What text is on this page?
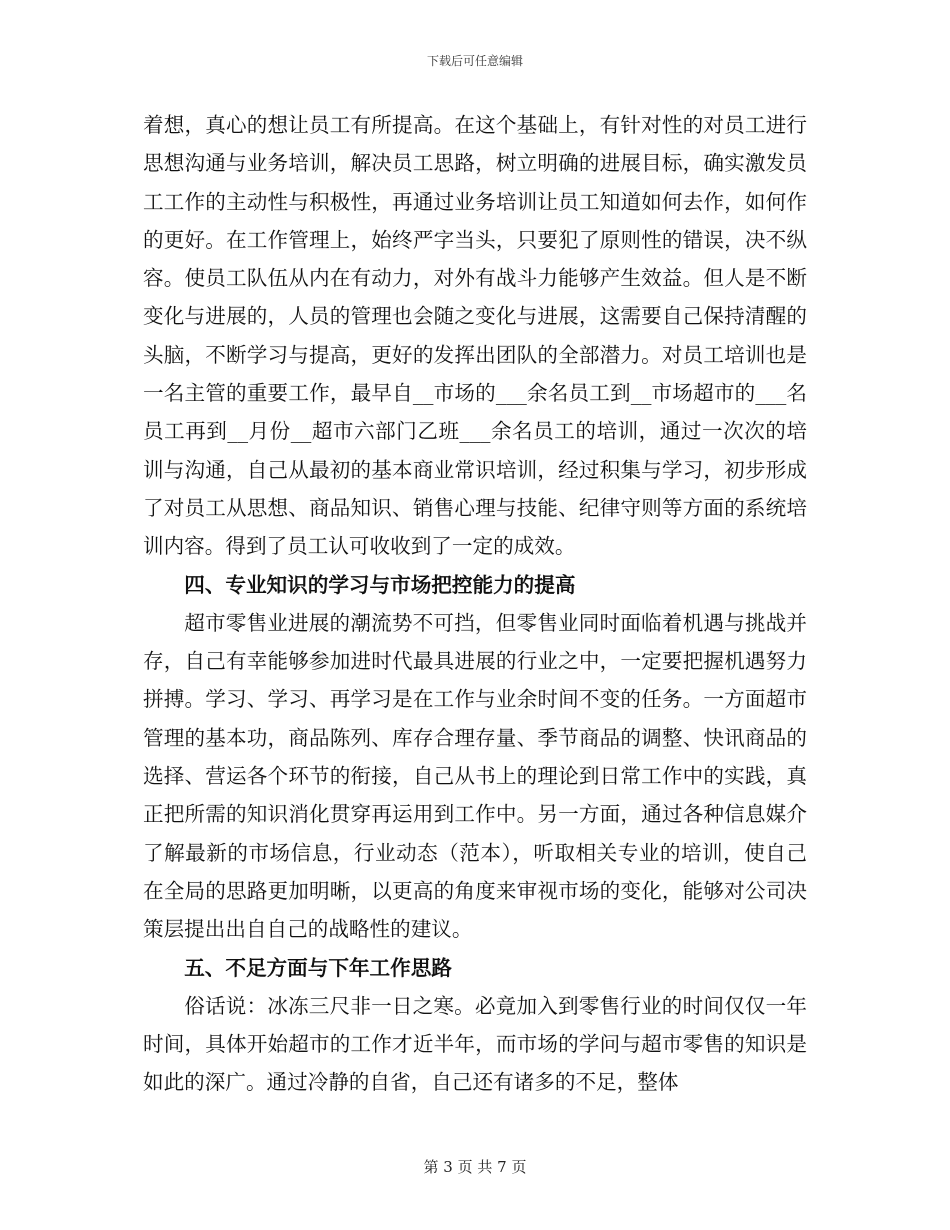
下载后可任意编辑

着想，真心的想让员工有所提高。在这个基础上，有针对性的对员工进行思想沟通与业务培训，解决员工思路，树立明确的进展目标，确实激发员工工作的主动性与积极性，再通过业务培训让员工知道如何去作，如何作的更好。在工作管理上，始终严字当头，只要犯了原则性的错误，决不纵容。使员工队伍从内在有动力，对外有战斗力能够产生效益。但人是不断变化与进展的，人员的管理也会随之变化与进展，这需要自己保持清醒的头脑，不断学习与提高，更好的发挥出团队的全部潜力。对员工培训也是一名主管的重要工作，最早自__市场的___余名员工到__市场超市的___名员工再到__月份__超市六部门乙班___余名员工的培训，通过一次次的培训与沟通，自己从最初的基本商业常识培训，经过积集与学习，初步形成了对员工从思想、商品知识、销售心理与技能、纪律守则等方面的系统培训内容。得到了员工认可收收到了一定的成效。

四、专业知识的学习与市场把控能力的提高

超市零售业进展的潮流势不可挡，但零售业同时面临着机遇与挑战并存，自己有幸能够参加进时代最具进展的行业之中，一定要把握机遇努力拼搏。学习、学习、再学习是在工作与业余时间不变的任务。一方面超市管理的基本功，商品陈列、库存合理存量、季节商品的调整、快讯商品的选择、营运各个环节的衔接，自己从书上的理论到日常工作中的实践，真正把所需的知识消化贯穿再运用到工作中。另一方面，通过各种信息媒介了解最新的市场信息，行业动态（范本），听取相关专业的培训，使自己在全局的思路更加明晰，以更高的角度来审视市场的变化，能够对公司决策层提出出自自己的战略性的建议。

五、不足方面与下年工作思路

俗话说：冰冻三尺非一日之寒。必竟加入到零售行业的时间仅仅一年时间，具体开始超市的工作才近半年，而市场的学问与超市零售的知识是如此的深广。通过冷静的自省，自己还有诸多的不足，整体

第 3 页 共 7 页
